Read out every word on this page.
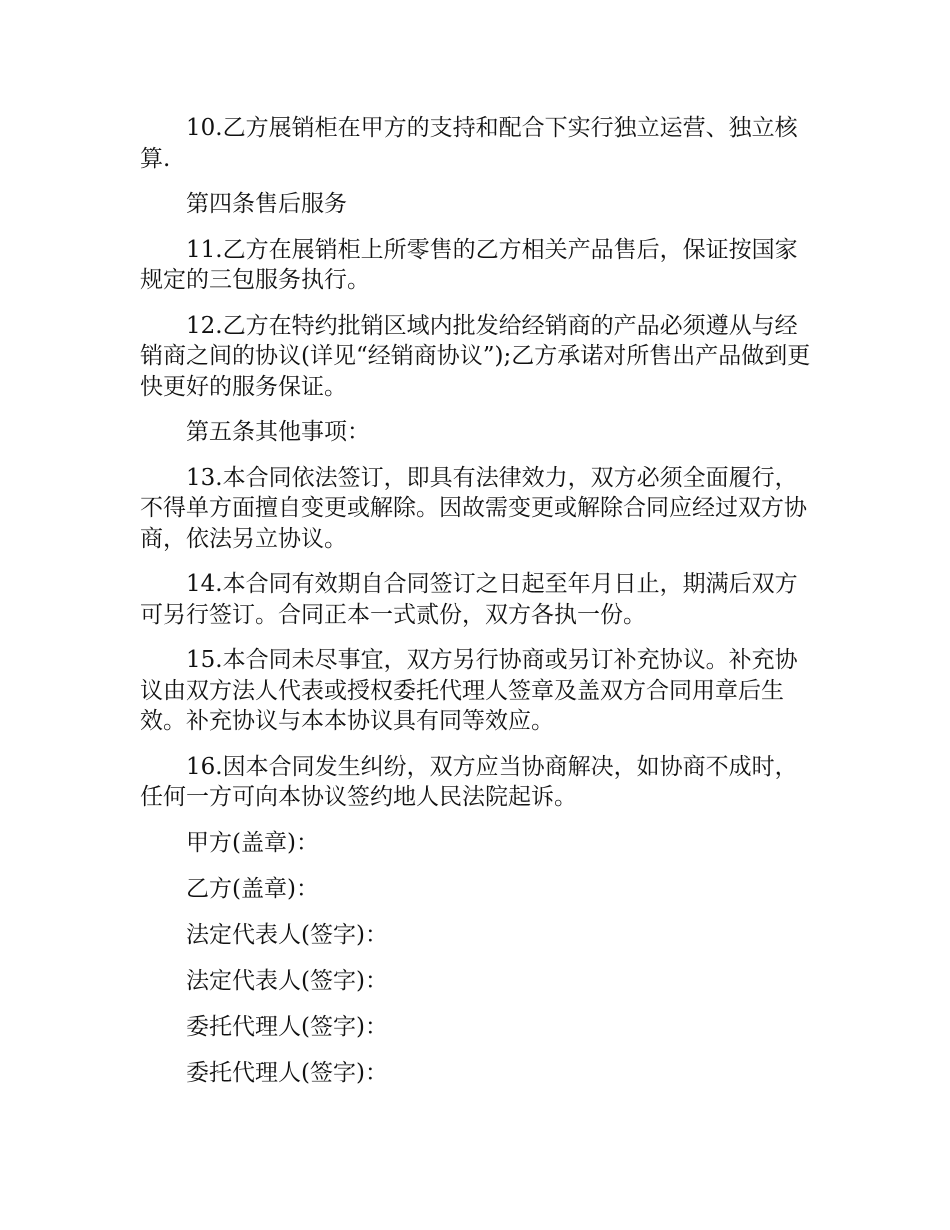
10.乙方展销柜在甲方的支持和配合下实行独立运营、独立核算.

第四条售后服务

11.乙方在展销柜上所零售的乙方相关产品售后，保证按国家规定的三包服务执行。

12.乙方在特约批销区域内批发给经销商的产品必须遵从与经销商之间的协议(详见“经销商协议”);乙方承诺对所售出产品做到更快更好的服务保证。

第五条其他事项：

13.本合同依法签订，即具有法律效力，双方必须全面履行，不得单方面擅自变更或解除。因故需变更或解除合同应经过双方协商，依法另立协议。

14.本合同有效期自合同签订之日起至年月日止，期满后双方可另行签订。合同正本一式贰份，双方各执一份。

15.本合同未尽事宜，双方另行协商或另订补充协议。补充协议由双方法人代表或授权委托代理人签章及盖双方合同用章后生效。补充协议与本本协议具有同等效应。

16.因本合同发生纠纷，双方应当协商解决，如协商不成时，任何一方可向本协议签约地人民法院起诉。

甲方(盖章)：

乙方(盖章)：

法定代表人(签字)：

法定代表人(签字)：

委托代理人(签字)：

委托代理人(签字)：
